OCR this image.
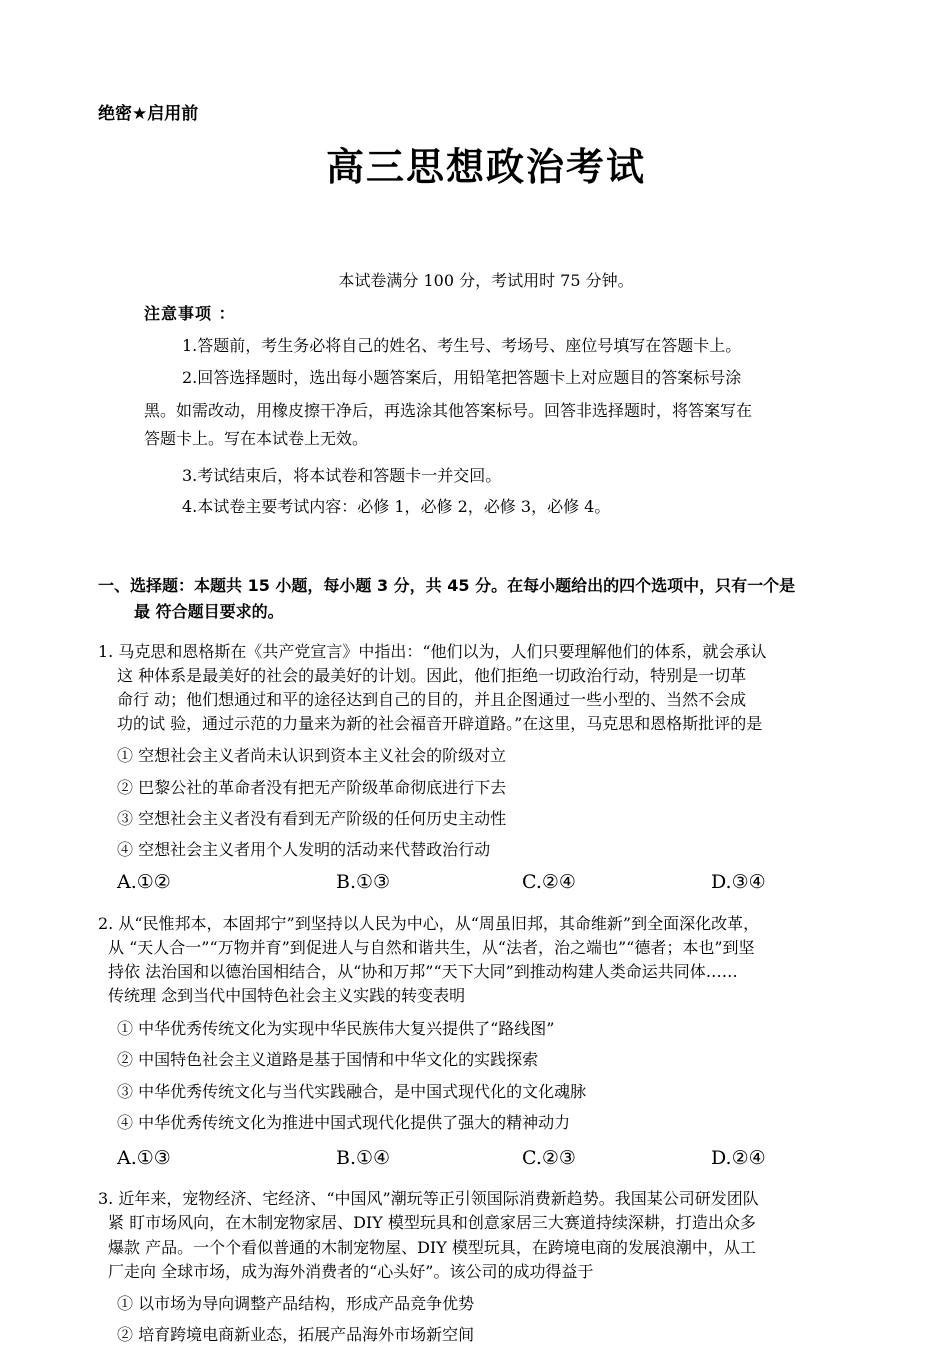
绝密★启用前
高三思想政治考试
本试卷满分 100 分，考试用时 75 分钟。
注意事项 ：
1.答题前，考生务必将自己的姓名、考生号、考场号、座位号填写在答题卡上。
2.回答选择题时，选出每小题答案后，用铅笔把答题卡上对应题目的答案标号涂
黑。如需改动，用橡皮擦干净后，再选涂其他答案标号。回答非选择题时，将答案写在
答题卡上。写在本试卷上无效。
3.考试结束后，将本试卷和答题卡一并交回。
4.本试卷主要考试内容：必修 1，必修 2，必修 3，必修 4。
一、选择题：本题共 15 小题，每小题 3 分，共 45 分。在每小题给出的四个选项中，只有一个是
最 符合题目要求的。
1. 马克思和恩格斯在《共产党宣言》中指出：“他们以为，人们只要理解他们的体系，就会承认
这 种体系是最美好的社会的最美好的计划。因此，他们拒绝一切政治行动，特别是一切革
命行 动；他们想通过和平的途径达到自己的目的，并且企图通过一些小型的、当然不会成
功的试 验，通过示范的力量来为新的社会福音开辟道路。”在这里，马克思和恩格斯批评的是
① 空想社会主义者尚未认识到资本主义社会的阶级对立
② 巴黎公社的革命者没有把无产阶级革命彻底进行下去
③ 空想社会主义者没有看到无产阶级的任何历史主动性
④ 空想社会主义者用个人发明的活动来代替政治行动
A.①②	B.①③	C.②④	D.③④
2. 从“民惟邦本，本固邦宁”到坚持以人民为中心，从“周虽旧邦，其命维新”到全面深化改革，
从 “天人合一”“万物并育”到促进人与自然和谐共生，从“法者，治之端也”“德者；本也”到坚
持依 法治国和以德治国相结合，从“协和万邦”“天下大同”到推动构建人类命运共同体……
传统理 念到当代中国特色社会主义实践的转变表明
① 中华优秀传统文化为实现中华民族伟大复兴提供了“路线图”
② 中国特色社会主义道路是基于国情和中华文化的实践探索
③ 中华优秀传统文化与当代实践融合，是中国式现代化的文化魂脉
④ 中华优秀传统文化为推进中国式现代化提供了强大的精神动力
A.①③	B.①④	C.②③	D.②④
3. 近年来，宠物经济、宅经济、“中国风”潮玩等正引领国际消费新趋势。我国某公司研发团队
紧 盯市场风向，在木制宠物家居、DIY 模型玩具和创意家居三大赛道持续深耕，打造出众多
爆款 产品。一个个看似普通的木制宠物屋、DIY 模型玩具，在跨境电商的发展浪潮中，从工
厂走向 全球市场，成为海外消费者的“心头好”。该公司的成功得益于
① 以市场为导向调整产品结构，形成产品竞争优势
② 培育跨境电商新业态，拓展产品海外市场新空间
